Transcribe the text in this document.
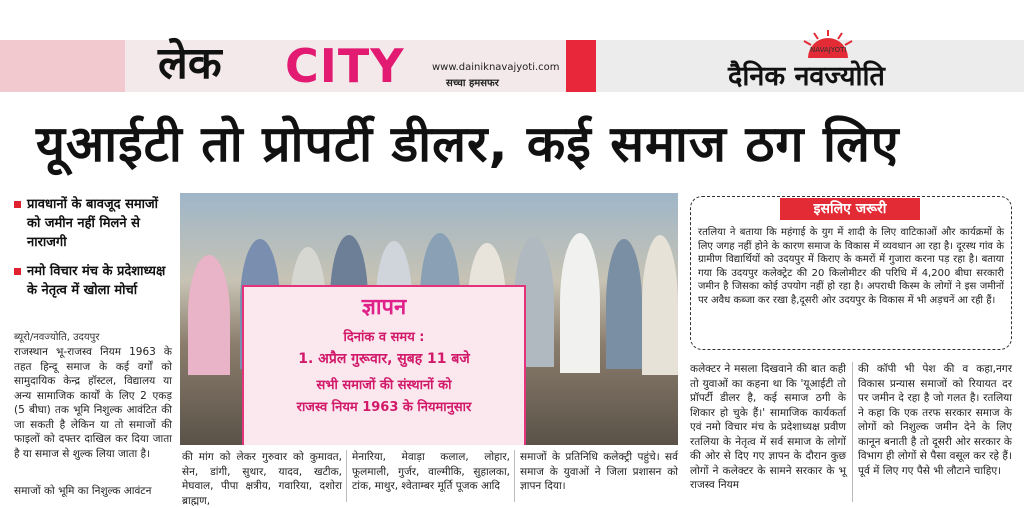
लेक CITY	www.dainiknavajyoti.com
सच्चा हमसफर
NAVAJYOTI
दैनिक नवज्योति
यूआईटी तो प्रोपर्टी डीलर, कई समाज ठग लिए
प्रावधानों के बावजूद समाजों को जमीन नहीं मिलने से नाराजगी
नमो विचार मंच के प्रदेशाध्यक्ष के नेतृत्व में खोला मोर्चा
ब्यूरो/नवज्योति, उदयपुर
राजस्थान भू-राजस्व नियम 1963 के तहत हिन्दू समाज के कई वर्गों को सामुदायिक केन्द्र हॉस्टल, विद्यालय या अन्य सामाजिक कार्यों के लिए 2 एकड़ (5 बीघा) तक भूमि निशुल्क आवंटित की जा सकती है लेकिन या तो समाजों की फाइलों को दफ्तर दाखिल कर दिया जाता है या समाज से शुल्क लिया जाता है।
समाजों को भूमि का निशुल्क आवंटन
ज्ञापन
दिनांक व समय :
1. अप्रैल गुरूवार, सुबह 11 बजे
सभी समाजों की संस्थानों को
राजस्व नियम 1963 के नियमानुसार
की मांग को लेकर गुरुवार को कुमावत, सेन, डांगी, सुथार, यादव, खटीक, मेघवाल, पीपा क्षत्रीय, गवारिया, दशोरा ब्राह्मण,
मेनारिया, मेवाड़ा कलाल, लोहार, फूलमाली, गुर्जर, वाल्मीकि, सुहालका, टांक, माथुर, श्वेताम्बर मूर्ति पूजक आदि
समाजों के प्रतिनिधि कलेक्ट्री पहुंचे। सर्व समाज के युवाओं ने जिला प्रशासन को ज्ञापन दिया।
इसलिए जरूरी
रतलिया ने बताया कि महंगाई के युग में शादी के लिए वाटिकाओं और कार्यक्रमों के लिए जगह नहीं होने के कारण समाज के विकास में व्यवधान आ रहा है। दूरस्थ गांव के ग्रामीण विद्यार्थियों को उदयपुर में किराए के कमरों में गुजारा करना पड़ रहा है। बताया गया कि उदयपुर कलेक्ट्रेट की 20 किलोमीटर की परिधि में 4,200 बीघा सरकारी जमीन है जिसका कोई उपयोग नहीं हो रहा है। अपराधी किस्म के लोगों ने इस जमीनों पर अवैध कब्जा कर रखा है,दूसरी ओर उदयपुर के विकास में भी अड़चनें आ रही हैं।
कलेक्टर ने मसला दिखवाने की बात कही तो युवाओं का कहना था कि 'यूआईटी तो प्रॉपर्टी डीलर है, कई समाज ठगी के शिकार हो चुके हैं।' सामाजिक कार्यकर्ता एवं नमो विचार मंच के प्रदेशाध्यक्ष प्रवीण रतलिया के नेतृत्व में सर्व समाज के लोगों की ओर से दिए गए ज्ञापन के दौरान कुछ लोगों ने कलेक्टर के सामने सरकार के भू राजस्व नियम
की कॉपी भी पेश की व कहा,नगर विकास प्रन्यास समाजों को रियायत दर पर जमीन दे रहा है जो गलत है। रतलिया ने कहा कि एक तरफ सरकार समाज के लोगों को निशुल्क जमीन देने के लिए कानून बनाती है तो दूसरी ओर सरकार के विभाग ही लोगों से पैसा वसूल कर रहे हैं। पूर्व में लिए गए पैसे भी लौटाने चाहिए।
